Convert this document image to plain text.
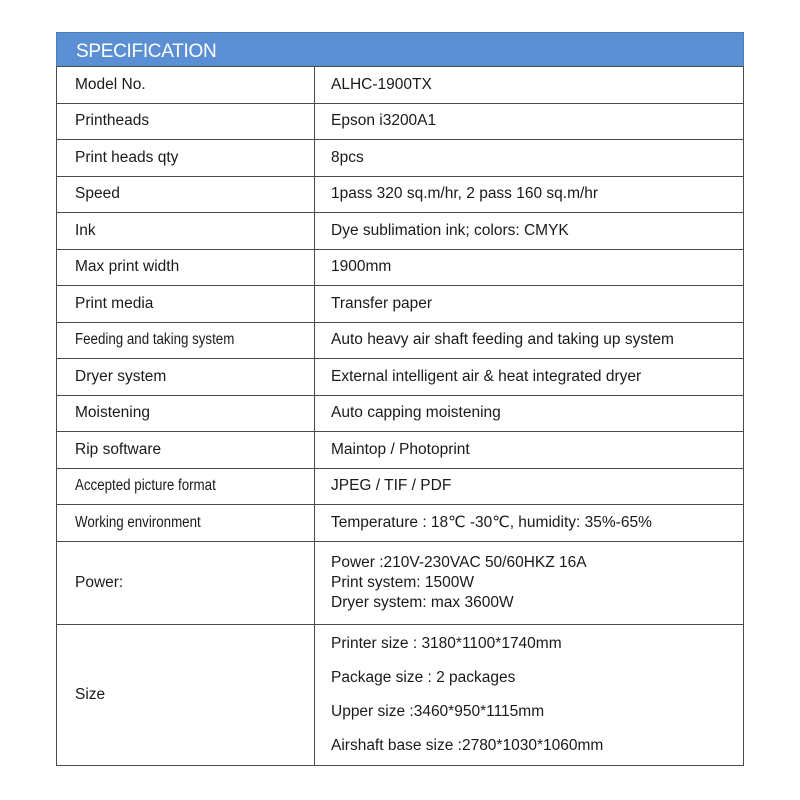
SPECIFICATION
Model No.	ALHC-1900TX
Printheads	Epson i3200A1
Print heads qty	8pcs
Speed	1pass 320 sq.m/hr, 2 pass 160 sq.m/hr
Ink	Dye sublimation ink; colors: CMYK
Max print width	1900mm
Print media	Transfer paper
Feeding and taking system	Auto heavy air shaft feeding and taking up system
Dryer system	External intelligent air & heat integrated dryer
Moistening	Auto capping moistening
Rip software	Maintop / Photoprint
Accepted picture format	JPEG / TIF / PDF
Working environment	Temperature : 18℃ -30℃, humidity: 35%-65%
Power:	Power :210V-230VAC 50/60HKZ 16A
Print system: 1500W
Dryer system: max 3600W

Size	Printer size : 3180*1100*1740mm
Package size : 2 packages
Upper size :3460*950*1115mm
Airshaft base size :2780*1030*1060mm
